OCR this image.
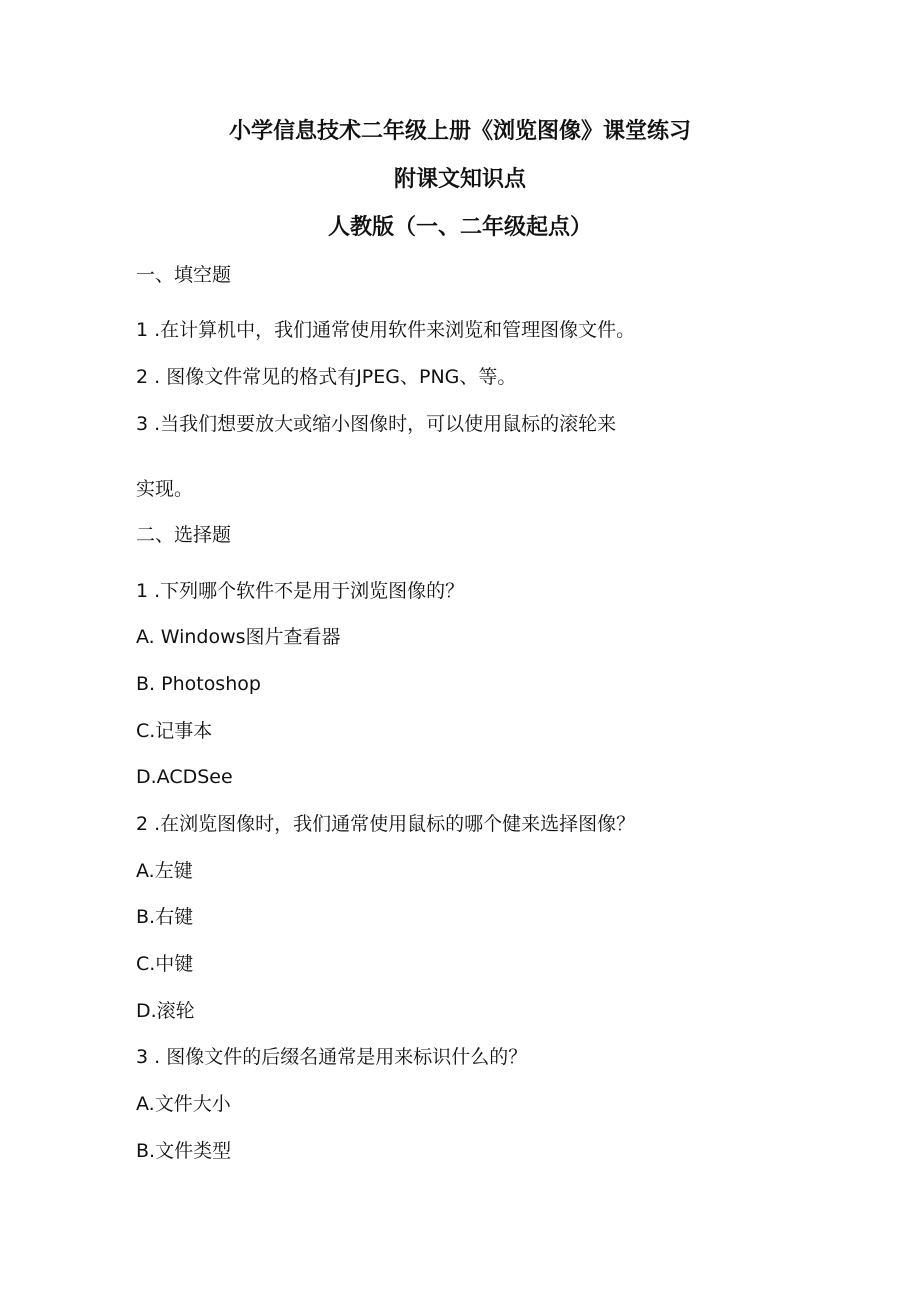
小学信息技术二年级上册《浏览图像》课堂练习
附课文知识点
人教版（一、二年级起点）

一、填空题

1 .在计算机中，我们通常使用软件来浏览和管理图像文件。

2 . 图像文件常见的格式有JPEG、PNG、等。

3 .当我们想要放大或缩小图像时，可以使用鼠标的滚轮来

实现。

二、选择题

1 .下列哪个软件不是用于浏览图像的？

A. Windows图片查看器

B. Photoshop

C.记事本

D.ACDSee

2 .在浏览图像时，我们通常使用鼠标的哪个健来选择图像？

A.左键

B.右键

C.中键

D.滚轮

3 . 图像文件的后缀名通常是用来标识什么的？

A.文件大小

B.文件类型
